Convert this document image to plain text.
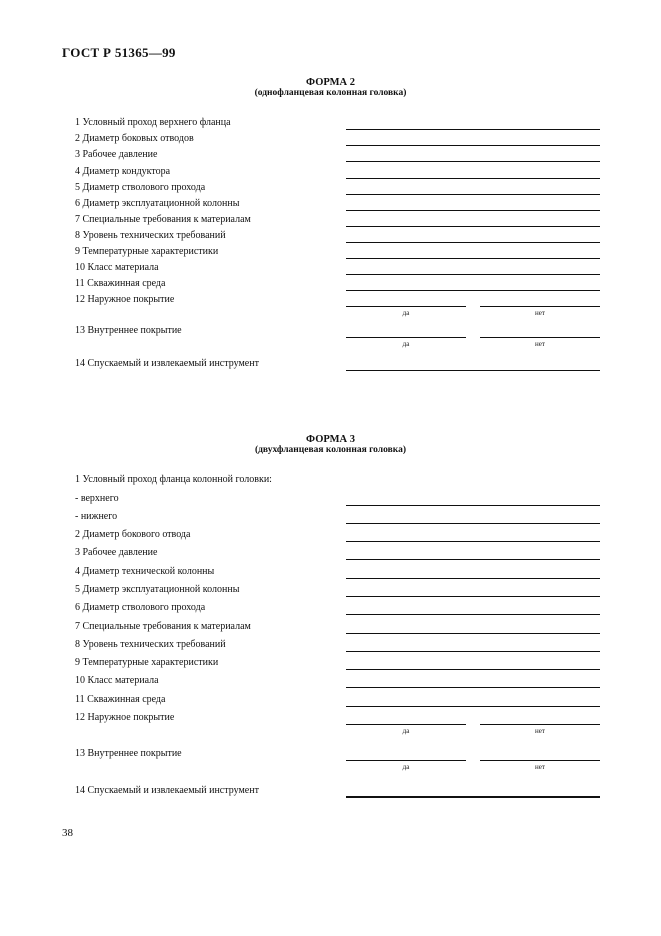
ГОСТ Р 51365—99
ФОРМА 2
(однофланцевая колонная головка)
1 Условный проход верхнего фланца
2 Диаметр боковых отводов
3 Рабочее давление
4 Диаметр кондуктора
5 Диаметр стволового прохода
6 Диаметр эксплуатационной колонны
7 Специальные требования к материалам
8 Уровень технических требований
9 Температурные характеристики
10 Класс материала
11 Скважинная среда
12 Наружное покрытие
да	нет
13 Внутреннее покрытие
да	нет
14 Спускаемый и извлекаемый инструмент
ФОРМА 3
(двухфланцевая колонная головка)
1 Условный проход фланца колонной головки:
- верхнего
- нижнего
2 Диаметр бокового отвода
3 Рабочее давление
4 Диаметр технической колонны
5 Диаметр эксплуатационной колонны
6 Диаметр стволового прохода
7 Специальные требования к материалам
8 Уровень технических требований
9 Температурные характеристики
10 Класс материала
11 Скважинная среда
12 Наружное покрытие
да	нет
13 Внутреннее покрытие
да	нет
14 Спускаемый и извлекаемый инструмент
38
